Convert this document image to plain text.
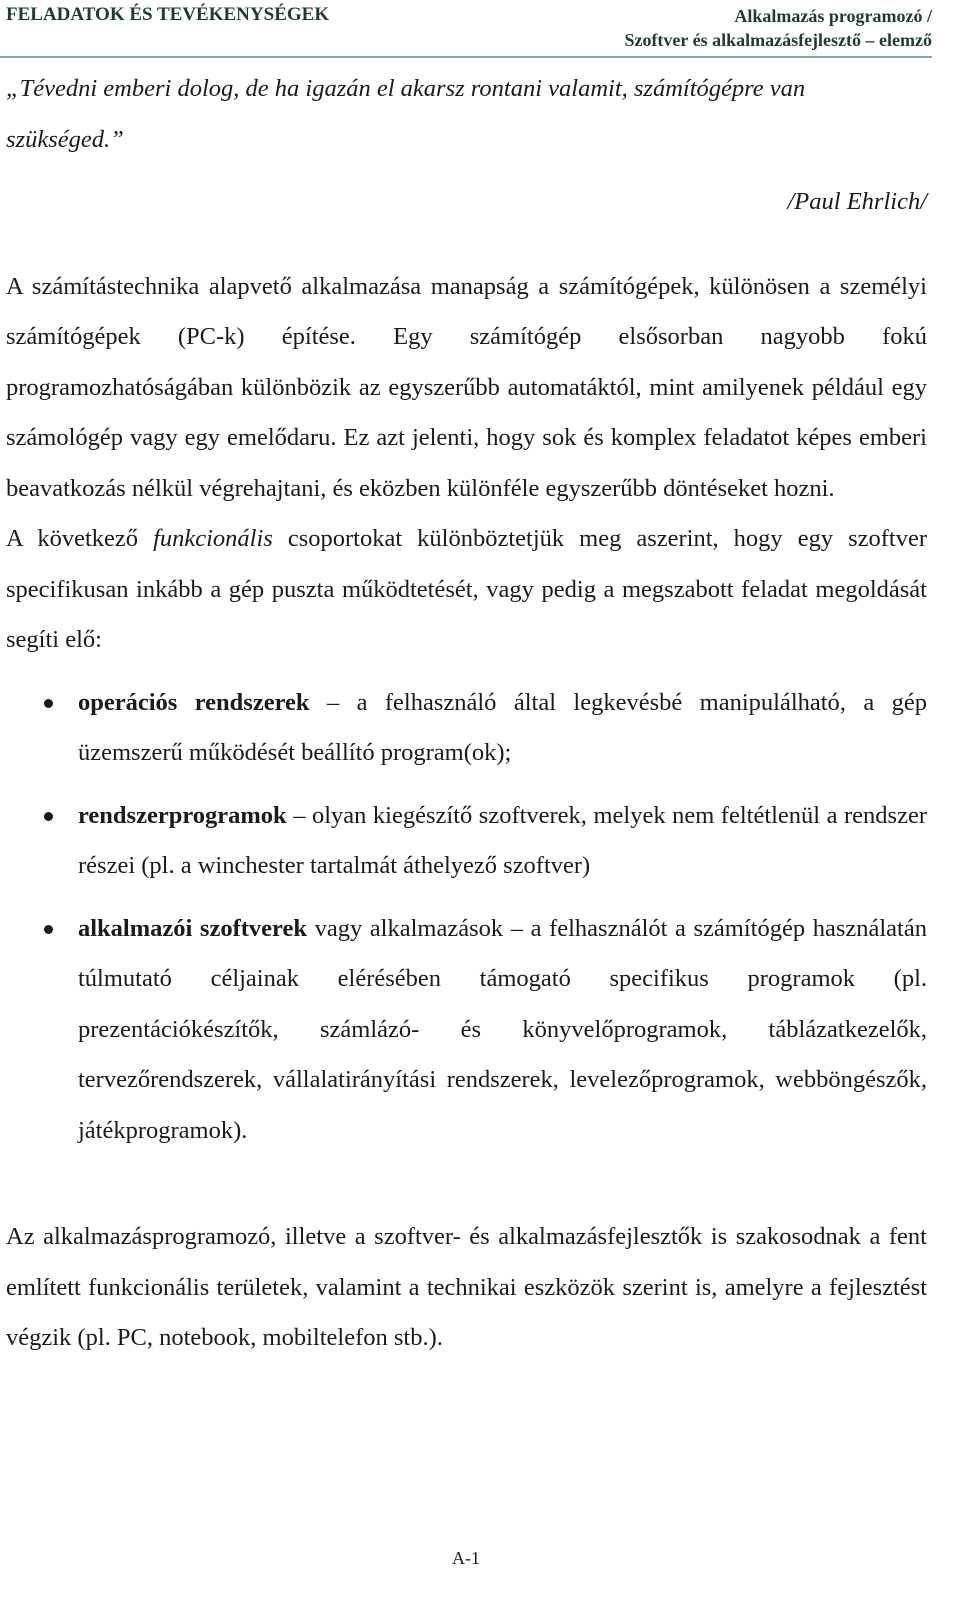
FELADATOK ÉS TEVÉKENYSÉGEK	Alkalmazás programozó /
Szoftver és alkalmazásfejlesztő – elemző

„Tévedni emberi dolog, de ha igazán el akarsz rontani valamit, számítógépre van szükséged.”

/Paul Ehrlich/

A számítástechnika alapvető alkalmazása manapság a számítógépek, különösen a személyi számítógépek (PC-k) építése. Egy számítógép elsősorban nagyobb fokú programozhatóságában különbözik az egyszerűbb automatáktól, mint amilyenek például egy számológép vagy egy emelődaru. Ez azt jelenti, hogy sok és komplex feladatot képes emberi beavatkozás nélkül végrehajtani, és eközben különféle egyszerűbb döntéseket hozni.

A következő funkcionális csoportokat különböztetjük meg aszerint, hogy egy szoftver specifikusan inkább a gép puszta működtetését, vagy pedig a megszabott feladat megoldását segíti elő:

operációs rendszerek – a felhasználó által legkevésbé manipulálható, a gép üzemszerű működését beállító program(ok);
rendszerprogramok – olyan kiegészítő szoftverek, melyek nem feltétlenül a rendszer részei (pl. a winchester tartalmát áthelyező szoftver)
alkalmazói szoftverek vagy alkalmazások – a felhasználót a számítógép használatán túlmutató céljainak elérésében támogató specifikus programok (pl. prezentációkészítők, számlázó- és könyvelőprogramok, táblázatkezelők, tervezőrendszerek, vállalatirányítási rendszerek, levelezőprogramok, webböngészők, játékprogramok).

Az alkalmazásprogramozó, illetve a szoftver- és alkalmazásfejlesztők is szakosodnak a fent említett funkcionális területek, valamint a technikai eszközök szerint is, amelyre a fejlesztést végzik (pl. PC, notebook, mobiltelefon stb.).

A-1
